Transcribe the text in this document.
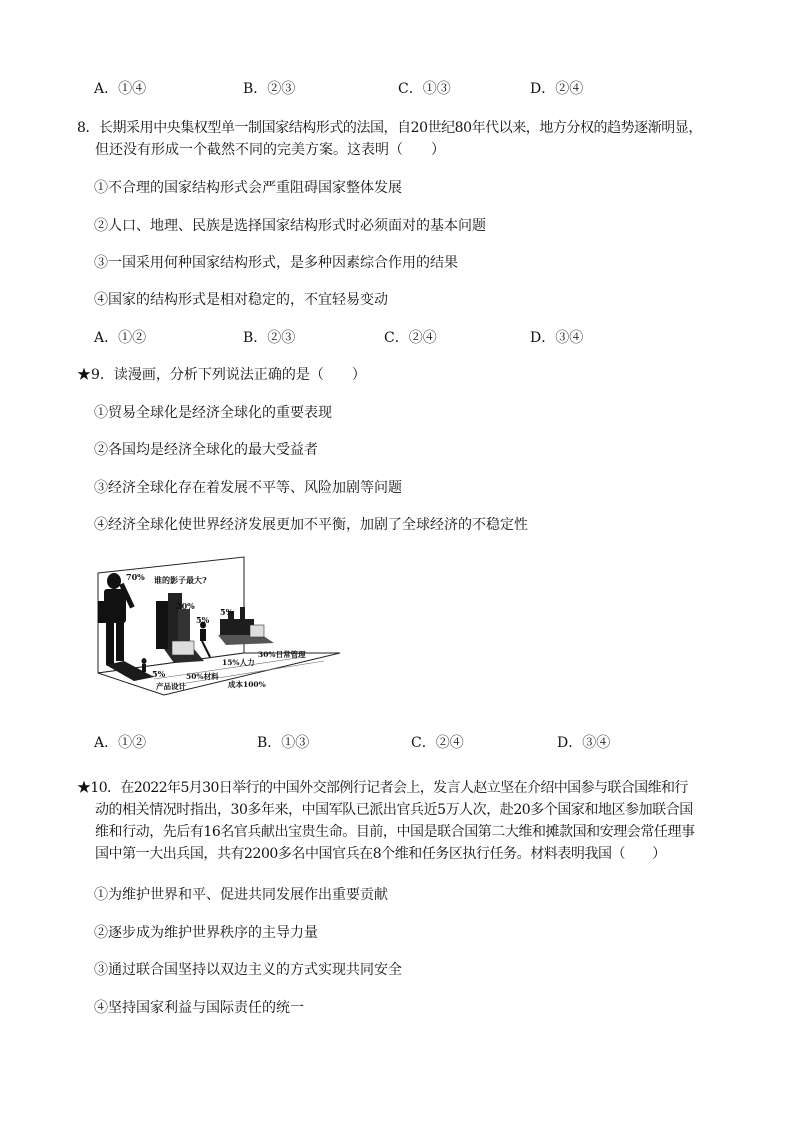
A．①④	B．②③	C．①③	D．②④
8．长期采用中央集权型单一制国家结构形式的法国，自20世纪80年代以来，地方分权的趋势逐渐明显，
但还没有形成一个截然不同的完美方案。这表明（　　）
①不合理的国家结构形式会严重阻碍国家整体发展
②人口、地理、民族是选择国家结构形式时必须面对的基本问题
③一国采用何种国家结构形式，是多种因素综合作用的结果
④国家的结构形式是相对稳定的，不宜轻易变动
A．①②	B．②③	C．②④	D．③④
★9．读漫画，分析下列说法正确的是（　　）
①贸易全球化是经济全球化的重要表现
②各国均是经济全球化的最大受益者
③经济全球化存在着发展不平等、风险加剧等问题
④经济全球化使世界经济发展更加不平衡，加剧了全球经济的不稳定性
70% 谁的影子最大?
20%
5%
5%
5%
30%日常管理
15%人力
50%材料
产品设计	成本100%
A．①②	B．①③	C．②④	D．③④
★10．在2022年5月30日举行的中国外交部例行记者会上，发言人赵立坚在介绍中国参与联合国维和行
动的相关情况时指出，30多年来，中国军队已派出官兵近5万人次，赴20多个国家和地区参加联合国
维和行动，先后有16名官兵献出宝贵生命。目前，中国是联合国第二大维和摊款国和安理会常任理事
国中第一大出兵国，共有2200多名中国官兵在8个维和任务区执行任务。材料表明我国（　　）
①为维护世界和平、促进共同发展作出重要贡献
②逐步成为维护世界秩序的主导力量
③通过联合国坚持以双边主义的方式实现共同安全
④坚持国家利益与国际责任的统一
